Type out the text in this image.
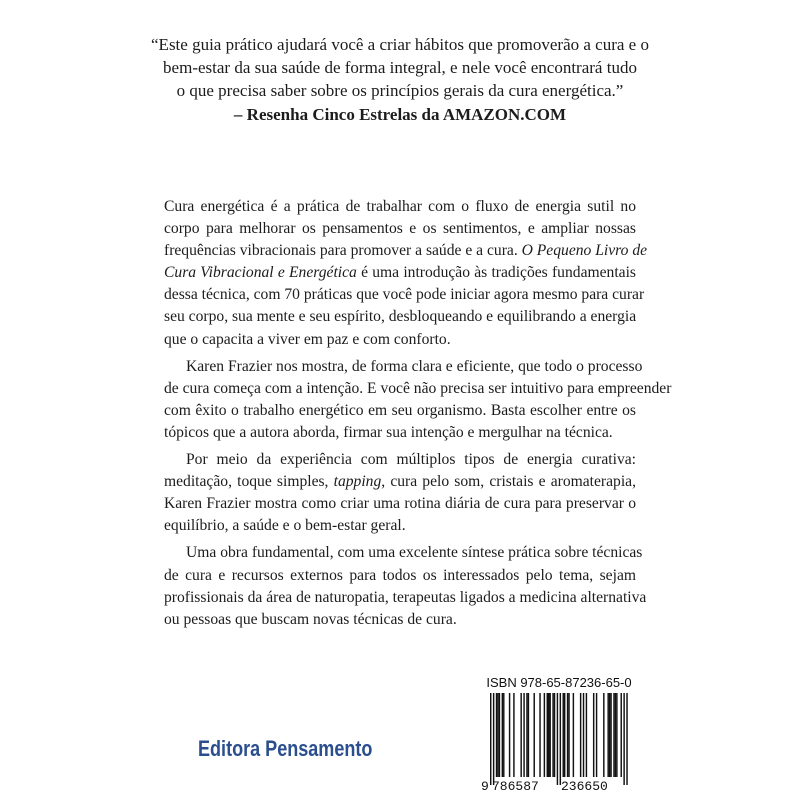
“Este guia prático ajudará você a criar hábitos que promoverão a cura e o
bem-estar da sua saúde de forma integral, e nele você encontrará tudo
o que precisa saber sobre os princípios gerais da cura energética.”
– Resenha Cinco Estrelas da AMAZON.COM
Cura energética é a prática de trabalhar com o fluxo de energia sutil no
corpo para melhorar os pensamentos e os sentimentos, e ampliar nossas
frequências vibracionais para promover a saúde e a cura. O Pequeno Livro de
Cura Vibracional e Energética é uma introdução às tradições fundamentais
dessa técnica, com 70 práticas que você pode iniciar agora mesmo para curar
seu corpo, sua mente e seu espírito, desbloqueando e equilibrando a energia
que o capacita a viver em paz e com conforto.
Karen Frazier nos mostra, de forma clara e eficiente, que todo o processo
de cura começa com a intenção. E você não precisa ser intuitivo para empreender
com êxito o trabalho energético em seu organismo. Basta escolher entre os
tópicos que a autora aborda, firmar sua intenção e mergulhar na técnica.
Por meio da experiência com múltiplos tipos de energia curativa:
meditação, toque simples, tapping, cura pelo som, cristais e aromaterapia,
Karen Frazier mostra como criar uma rotina diária de cura para preservar o
equilíbrio, a saúde e o bem-estar geral.
Uma obra fundamental, com uma excelente síntese prática sobre técnicas
de cura e recursos externos para todos os interessados pelo tema, sejam
profissionais da área de naturopatia, terapeutas ligados a medicina alternativa
ou pessoas que buscam novas técnicas de cura.
Editora Pensamento
ISBN 978-65-87236-65-0
9 786587 236650
